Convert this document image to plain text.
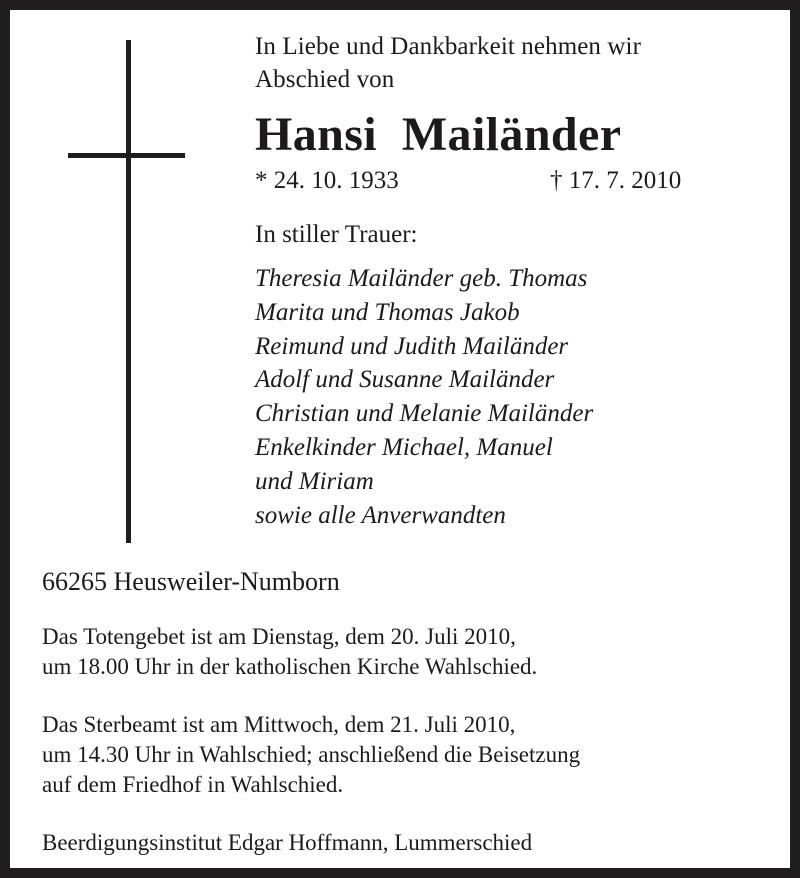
In Liebe und Dankbarkeit nehmen wir
Abschied von
Hansi  Mailänder
* 24. 10. 1933	† 17. 7. 2010
In stiller Trauer:
Theresia Mailänder geb. Thomas
Marita und Thomas Jakob
Reimund und Judith Mailänder
Adolf und Susanne Mailänder
Christian und Melanie Mailänder
Enkelkinder Michael, Manuel
und Miriam
sowie alle Anverwandten
66265 Heusweiler-Numborn
Das Totengebet ist am Dienstag, dem 20. Juli 2010,
um 18.00 Uhr in der katholischen Kirche Wahlschied.
Das Sterbeamt ist am Mittwoch, dem 21. Juli 2010,
um 14.30 Uhr in Wahlschied; anschließend die Beisetzung
auf dem Friedhof in Wahlschied.
Beerdigungsinstitut Edgar Hoffmann, Lummerschied
